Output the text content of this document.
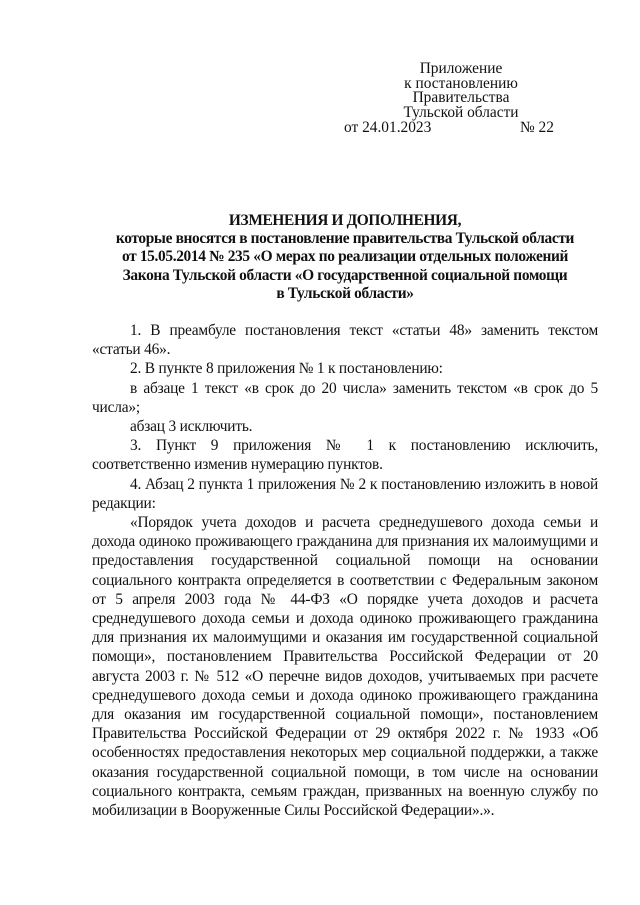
Приложение
к постановлению Правительства
Тульской области
от 24.01.2023	№ 22
ИЗМЕНЕНИЯ И ДОПОЛНЕНИЯ,
которые вносятся в постановление правительства Тульской области
от 15.05.2014 № 235 «О мерах по реализации отдельных положений
Закона Тульской области «О государственной социальной помощи
в Тульской области»

1. В преамбуле постановления текст «статьи 48» заменить текстом «статьи 46».

2. В пункте 8 приложения № 1 к постановлению:

в абзаце 1 текст «в срок до 20 числа» заменить текстом «в срок до 5 числа»;

абзац 3 исключить.

3. Пункт 9 приложения № 1 к постановлению исключить, соответственно изменив нумерацию пунктов.

4. Абзац 2 пункта 1 приложения № 2 к постановлению изложить в новой редакции:

«Порядок учета доходов и расчета среднедушевого дохода семьи и дохода одиноко проживающего гражданина для признания их малоимущими и предоставления государственной социальной помощи на основании социального контракта определяется в соответствии с Федеральным законом от 5 апреля 2003 года № 44-ФЗ «О порядке учета доходов и расчета среднедушевого дохода семьи и дохода одиноко проживающего гражданина для признания их малоимущими и оказания им государственной социальной помощи», постановлением Правительства Российской Федерации от 20 августа 2003 г. № 512 «О перечне видов доходов, учитываемых при расчете среднедушевого дохода семьи и дохода одиноко проживающего гражданина для оказания им государственной социальной помощи», постановлением Правительства Российской Федерации от 29 октября 2022 г. № 1933 «Об особенностях предоставления некоторых мер социальной поддержки, а также оказания государственной социальной помощи, в том числе на основании социального контракта, семьям граждан, призванных на военную службу по мобилизации в Вооруженные Силы Российской Федерации».».
